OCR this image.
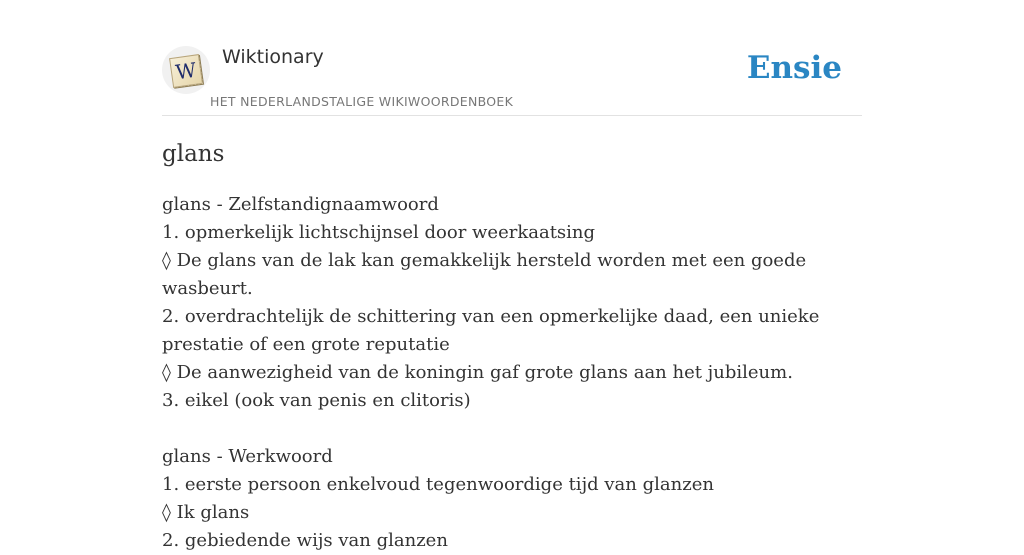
W
Wiktionary
HET NEDERLANDSTALIGE WIKIWOORDENBOEK
Ensie
glans

glans - Zelfstandignaamwoord

1. opmerkelijk lichtschijnsel door weerkaatsing

◊ De glans van de lak kan gemakkelijk hersteld worden met een goede wasbeurt.

2. overdrachtelijk de schittering van een opmerkelijke daad, een unieke prestatie of een grote reputatie

◊ De aanwezigheid van de koningin gaf grote glans aan het jubileum.

3. eikel (ook van penis en clitoris)

glans - Werkwoord

1. eerste persoon enkelvoud tegenwoordige tijd van glanzen

◊ Ik glans

2. gebiedende wijs van glanzen
